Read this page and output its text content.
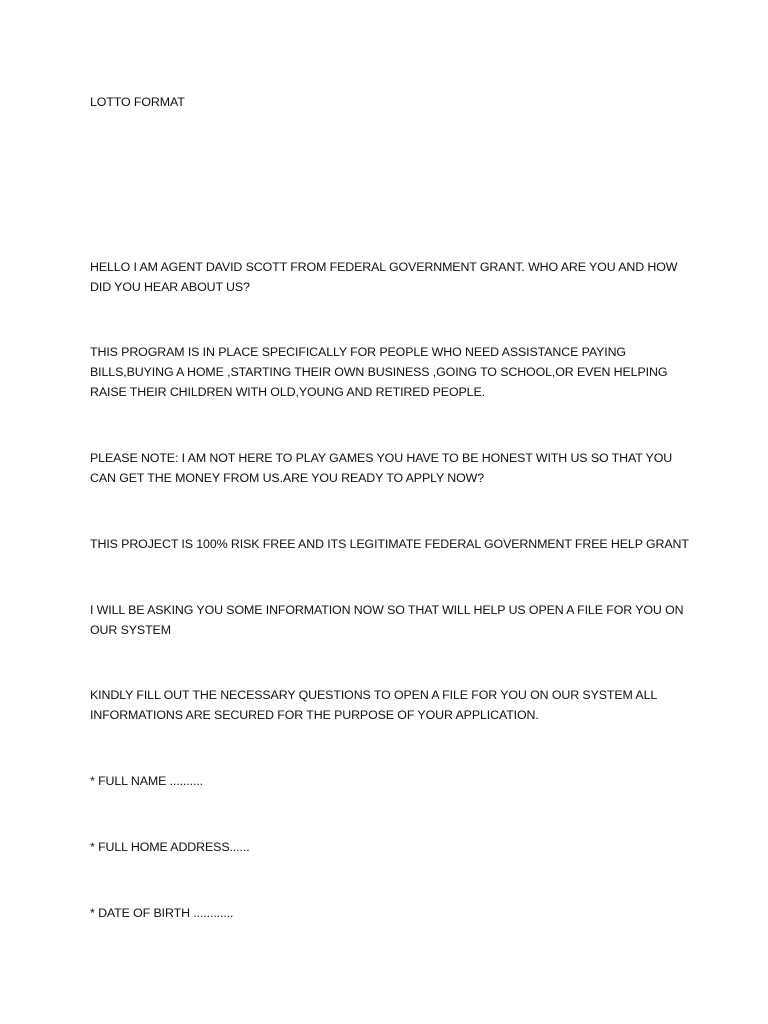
LOTTO FORMAT

HELLO I AM AGENT DAVID SCOTT FROM FEDERAL GOVERNMENT GRANT. WHO ARE YOU AND HOW DID YOU HEAR ABOUT US?

THIS PROGRAM IS IN PLACE SPECIFICALLY FOR PEOPLE WHO NEED ASSISTANCE PAYING BILLS,BUYING A HOME ,STARTING THEIR OWN BUSINESS ,GOING TO SCHOOL,OR EVEN HELPING RAISE THEIR CHILDREN WITH OLD,YOUNG AND RETIRED PEOPLE.

PLEASE NOTE: I AM NOT HERE TO PLAY GAMES YOU HAVE TO BE HONEST WITH US SO THAT YOU CAN GET THE MONEY FROM US.ARE YOU READY TO APPLY NOW?

THIS PROJECT IS 100% RISK FREE AND ITS LEGITIMATE FEDERAL GOVERNMENT FREE HELP GRANT

I WILL BE ASKING YOU SOME INFORMATION NOW SO THAT WILL HELP US OPEN A FILE FOR YOU ON OUR SYSTEM

KINDLY FILL OUT THE NECESSARY QUESTIONS TO OPEN A FILE FOR YOU ON OUR SYSTEM ALL INFORMATIONS ARE SECURED FOR THE PURPOSE OF YOUR APPLICATION.

* FULL NAME ..........

* FULL HOME ADDRESS......

* DATE OF BIRTH ............
